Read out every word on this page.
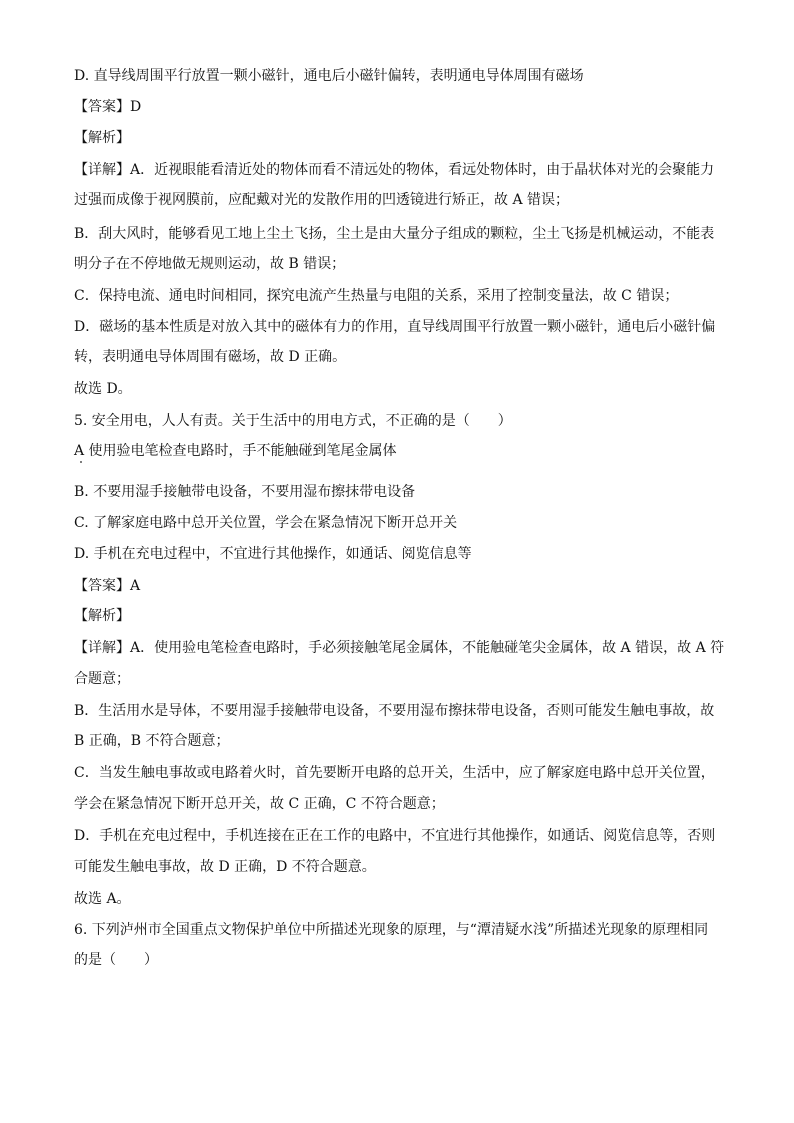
D. 直导线周围平行放置一颗小磁针，通电后小磁针偏转，表明通电导体周围有磁场
【答案】D
【解析】
【详解】A．近视眼能看清近处的物体而看不清远处的物体，看远处物体时，由于晶状体对光的会聚能力
过强而成像于视网膜前，应配戴对光的发散作用的凹透镜进行矫正，故 A 错误；
B．刮大风时，能够看见工地上尘土飞扬，尘土是由大量分子组成的颗粒，尘土飞扬是机械运动，不能表
明分子在不停地做无规则运动，故 B 错误；
C．保持电流、通电时间相同，探究电流产生热量与电阻的关系，采用了控制变量法，故 C 错误；
D．磁场的基本性质是对放入其中的磁体有力的作用，直导线周围平行放置一颗小磁针，通电后小磁针偏
转，表明通电导体周围有磁场，故 D 正确。
故选 D。
5. 安全用电，人人有责。关于生活中的用电方式，不正确的是（　　）
A 使用验电笔检查电路时，手不能触碰到笔尾金属体
B. 不要用湿手接触带电设备，不要用湿布擦抹带电设备
C. 了解家庭电路中总开关位置，学会在紧急情况下断开总开关
D. 手机在充电过程中，不宜进行其他操作，如通话、阅览信息等
【答案】A
【解析】
【详解】A．使用验电笔检查电路时，手必须接触笔尾金属体，不能触碰笔尖金属体，故 A 错误，故 A 符
合题意；
B．生活用水是导体，不要用湿手接触带电设备，不要用湿布擦抹带电设备，否则可能发生触电事故，故
B 正确，B 不符合题意；
C．当发生触电事故或电路着火时，首先要断开电路的总开关，生活中，应了解家庭电路中总开关位置，
学会在紧急情况下断开总开关，故 C 正确，C 不符合题意；
D．手机在充电过程中，手机连接在正在工作的电路中，不宜进行其他操作，如通话、阅览信息等，否则
可能发生触电事故，故 D 正确，D 不符合题意。
故选 A。
6. 下列泸州市全国重点文物保护单位中所描述光现象的原理，与“潭清疑水浅”所描述光现象的原理相同
的是（　　）
